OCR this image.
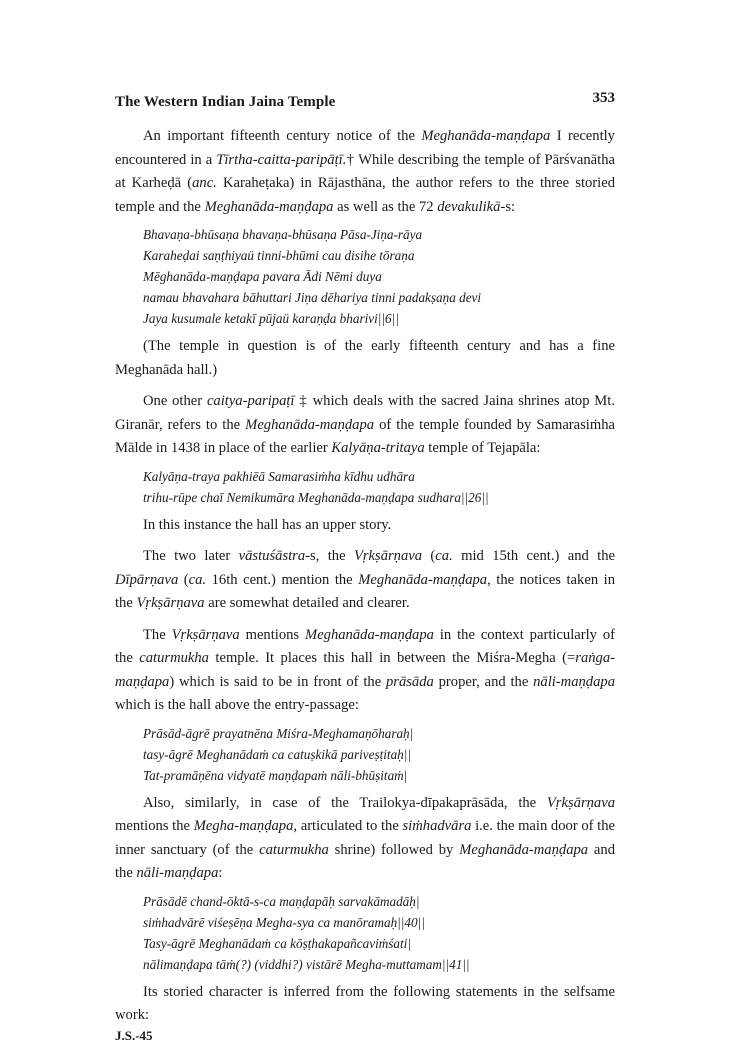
The Western Indian Jaina Temple	353

An important fifteenth century notice of the Meghanāda-maṇḍapa I recently encountered in a Tīrtha-caitta-paripāṭī.† While describing the temple of Pārśvanātha at Karheḍā (anc. Karaheṭaka) in Rājasthāna, the author refers to the three storied temple and the Meghanāda-maṇḍapa as well as the 72 devakulikā-s:

Bhavaṇa-bhūsaṇa bhavaṇa-bhūsaṇa Pāsa-Jiṇa-rāya
Karaheḍai saṇṭhiyaü tinni-bhūmi cau disihe tōraṇa
Mēghanāda-maṇḍapa pavara Ādi Nēmi duya
namau bhavahara bāhuttari Jiṇa dēhariya tinni padakṣaṇa devi
Jaya kusumale ketakī pūjaü karaṇḍa bharivi||6||

(The temple in question is of the early fifteenth century and has a fine Meghanāda hall.)

One other caitya-paripaṭī ‡ which deals with the sacred Jaina shrines atop Mt. Giranār, refers to the Meghanāda-maṇḍapa of the temple founded by Samarasiṁha Mālde in 1438 in place of the earlier Kalyāṇa-tritaya temple of Tejapāla:

Kalyāṇa-traya pakhiēā Samarasiṁha kīdhu udhāra
trihu-rūpe chaī Nemikumāra Meghanāda-maṇḍapa sudhara||26||

In this instance the hall has an upper story.

The two later vāstuśāstra-s, the Vṛkṣārṇava (ca. mid 15th cent.) and the Dīpārṇava (ca. 16th cent.) mention the Meghanāda-maṇḍapa, the notices taken in the Vṛkṣārṇava are somewhat detailed and clearer.

The Vṛkṣārṇava mentions Meghanāda-maṇḍapa in the context particularly of the caturmukha temple. It places this hall in between the Miśra-Megha (=raṅga-maṇḍapa) which is said to be in front of the prāsāda proper, and the nāli-maṇḍapa which is the hall above the entry-passage:

Prāsād-āgrē prayatnēna Miśra-Meghamaṇōharaḥ|
tasy-āgrē Meghanādaṁ ca catuṣkikā pariveṣṭitaḥ||
Tat-pramāṇēna vidyatē maṇḍapaṁ nāli-bhūṣitaṁ|

Also, similarly, in case of the Trailokya-dīpakaprāsāda, the Vṛkṣārṇava mentions the Megha-maṇḍapa, articulated to the siṁhadvāra i.e. the main door of the inner sanctuary (of the caturmukha shrine) followed by Meghanāda-maṇḍapa and the nāli-maṇḍapa:

Prāsādē chand-ōktā-s-ca maṇḍapāḥ sarvakāmadāḥ|
siṁhadvārē viśeṣēṇa Megha-sya ca manōramaḥ||40||
Tasy-āgrē Meghanādaṁ ca kōṣṭhakapañcaviṁśati|
nālimaṇḍapa tāṁ(?) (viddhi?) vistārē Megha-muttamam||41||

Its storied character is inferred from the following statements in the selfsame work:

J.S.-45
